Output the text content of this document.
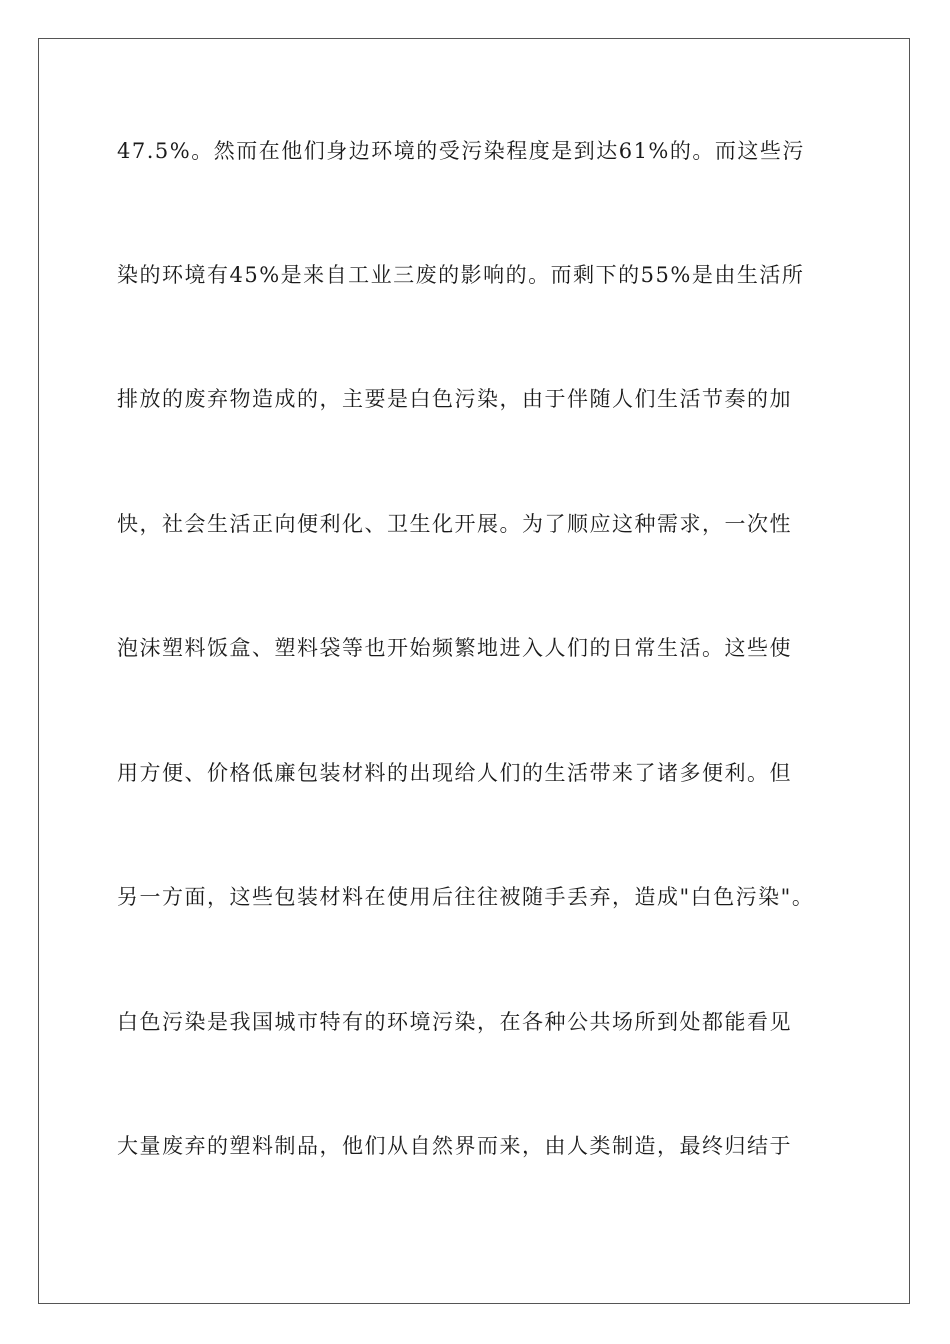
47.5%。然而在他们身边环境的受污染程度是到达61%的。而这些污
染的环境有45%是来自工业三废的影响的。而剩下的55%是由生活所
排放的废弃物造成的，主要是白色污染，由于伴随人们生活节奏的加
快，社会生活正向便利化、卫生化开展。为了顺应这种需求，一次性
泡沫塑料饭盒、塑料袋等也开始频繁地进入人们的日常生活。这些使
用方便、价格低廉包装材料的出现给人们的生活带来了诸多便利。但
另一方面，这些包装材料在使用后往往被随手丢弃，造成"白色污染"。
白色污染是我国城市特有的环境污染，在各种公共场所到处都能看见
大量废弃的塑料制品，他们从自然界而来，由人类制造，最终归结于
